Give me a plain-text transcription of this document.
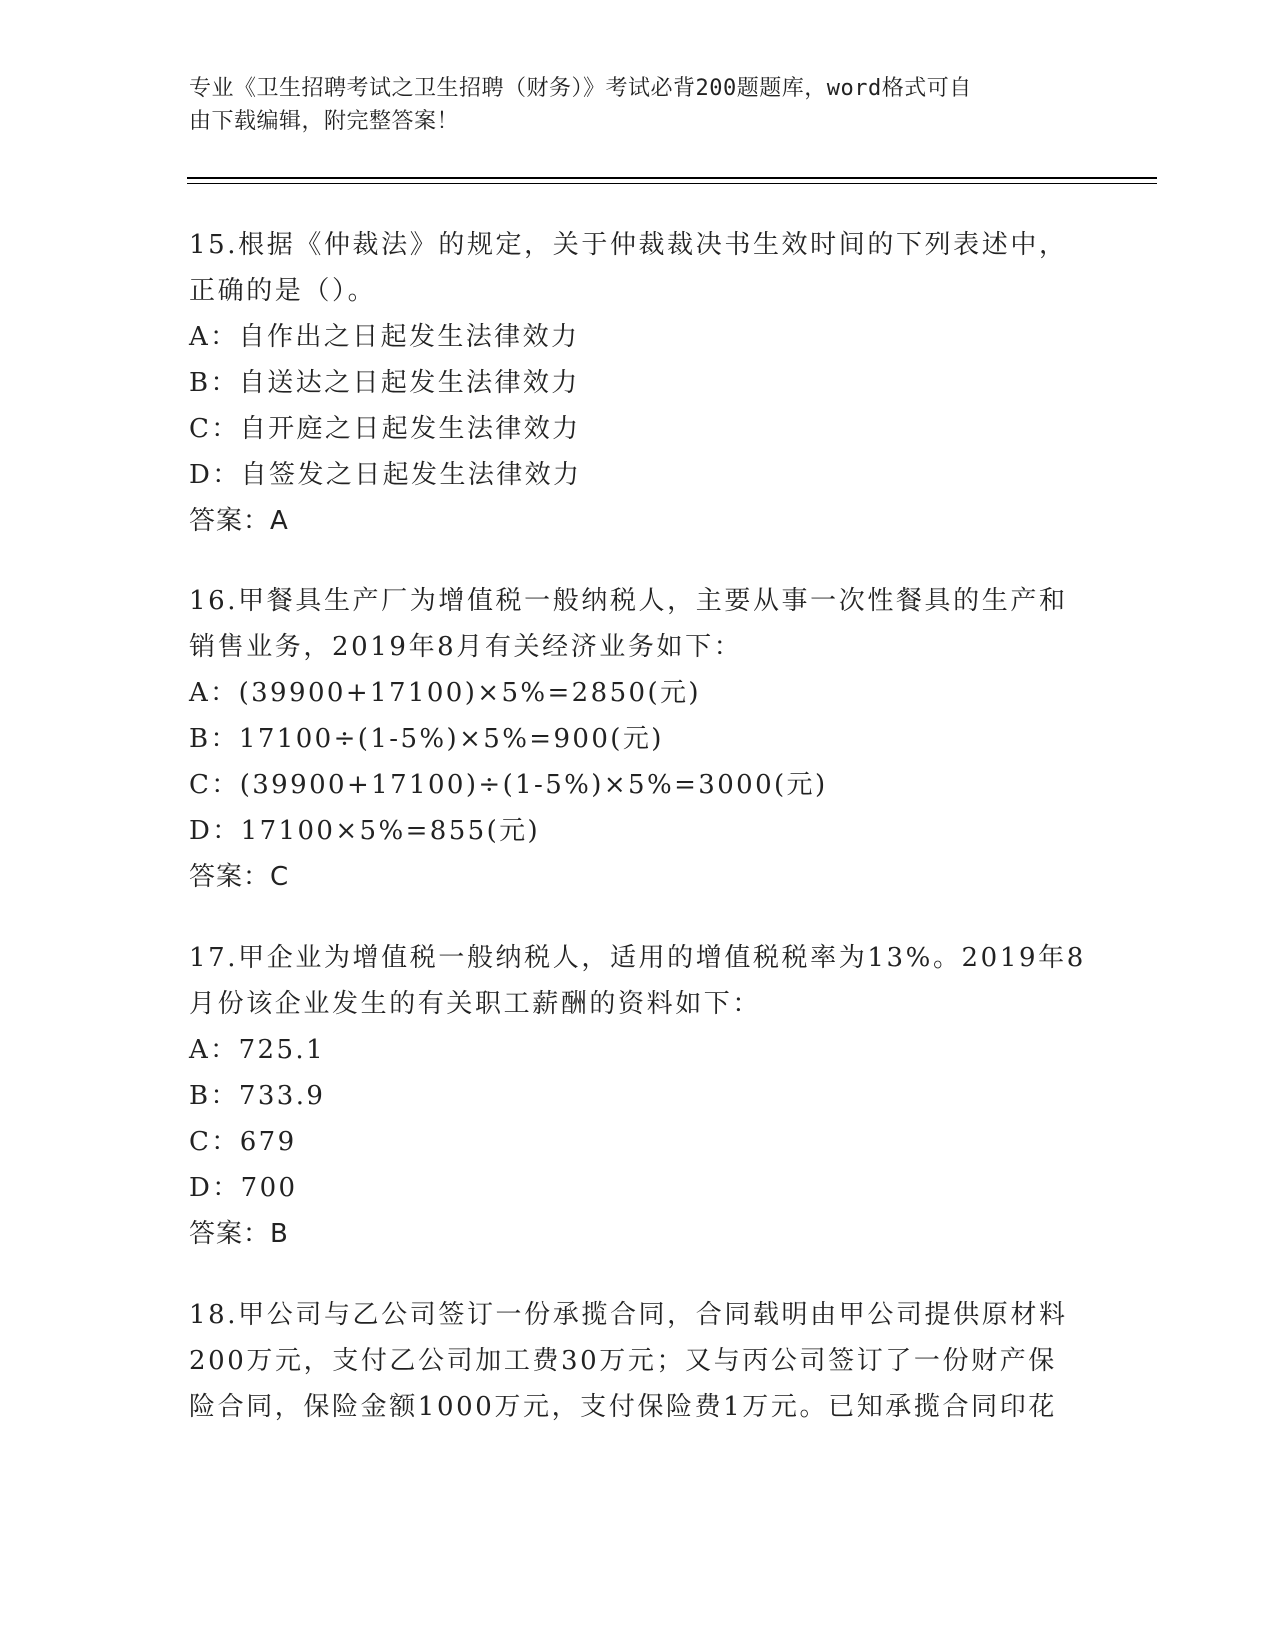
专业《卫生招聘考试之卫生招聘（财务）》考试必背200题题库，word格式可自
由下载编辑，附完整答案！

15.根据《仲裁法》的规定，关于仲裁裁决书生效时间的下列表述中，
正确的是（）。

A：自作出之日起发生法律效力
B：自送达之日起发生法律效力
C：自开庭之日起发生法律效力
D：自签发之日起发生法律效力
答案：A

16.甲餐具生产厂为增值税一般纳税人，主要从事一次性餐具的生产和
销售业务，2019年8月有关经济业务如下：

A：(39900+17100)×5%=2850(元)
B：17100÷(1-5%)×5%=900(元)
C：(39900+17100)÷(1-5%)×5%=3000(元)
D：17100×5%=855(元)
答案：C

17.甲企业为增值税一般纳税人，适用的增值税税率为13%。2019年8
月份该企业发生的有关职工薪酬的资料如下：

A：725.1
B：733.9
C：679
D：700
答案：B

18.甲公司与乙公司签订一份承揽合同，合同载明由甲公司提供原材料
200万元，支付乙公司加工费30万元；又与丙公司签订了一份财产保
险合同，保险金额1000万元，支付保险费1万元。已知承揽合同印花
